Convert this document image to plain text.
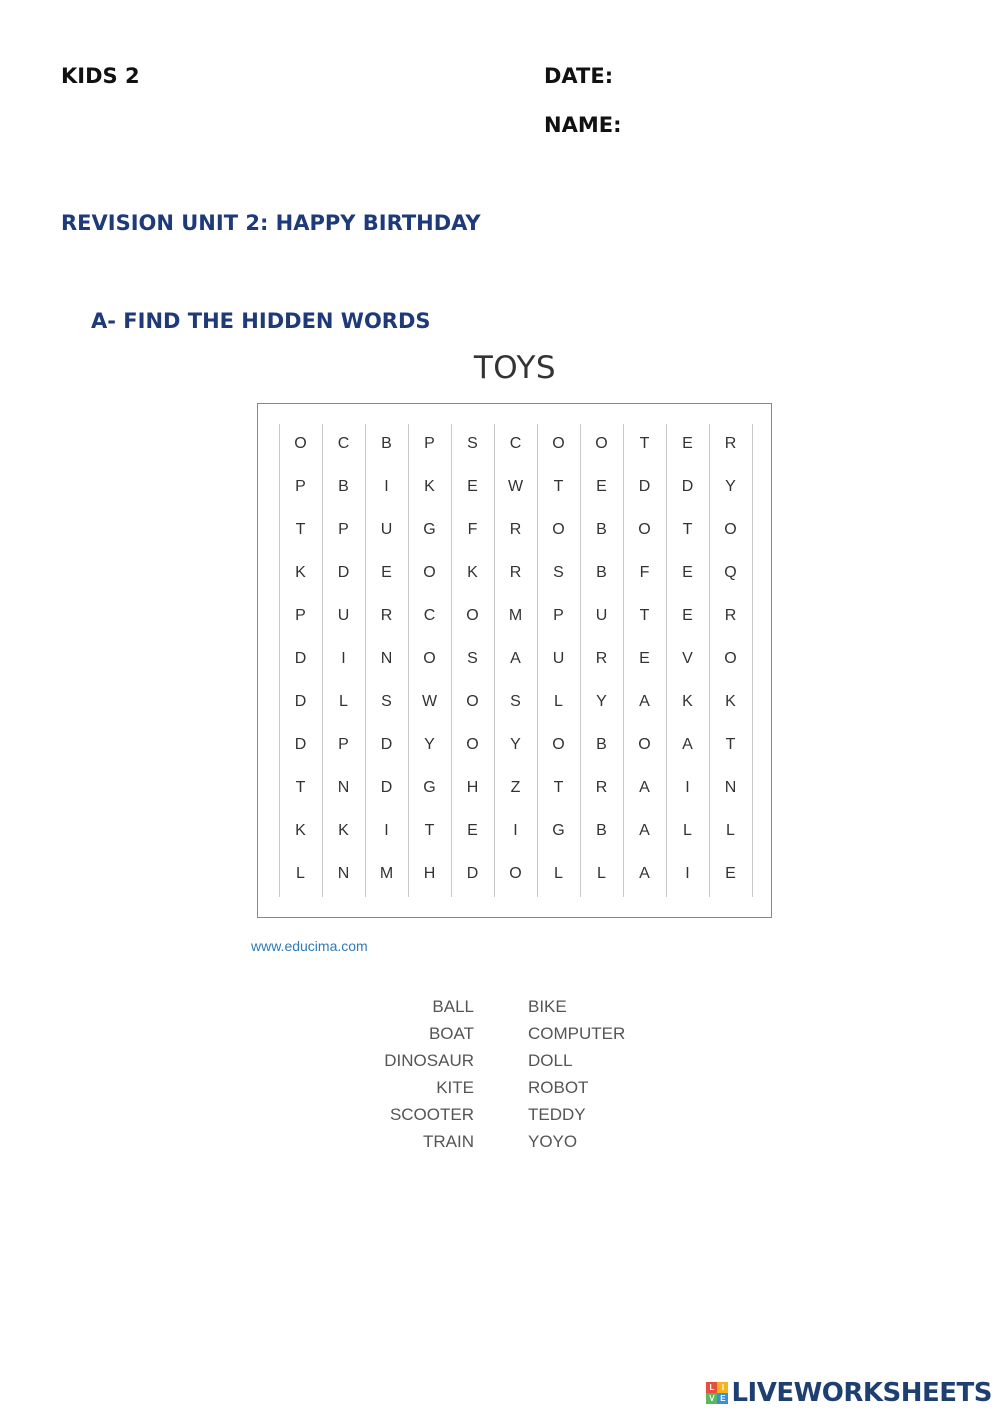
KIDS 2	DATE:
NAME:
REVISION UNIT 2: HAPPY BIRTHDAY
A- FIND THE HIDDEN WORDS
TOYS
O	C	B	P	S	C	O	O	T	E	R
P	B	I	K	E	W	T	E	D	D	Y
T	P	U	G	F	R	O	B	O	T	O
K	D	E	O	K	R	S	B	F	E	Q
P	U	R	C	O	M	P	U	T	E	R
D	I	N	O	S	A	U	R	E	V	O
D	L	S	W	O	S	L	Y	A	K	K
D	P	D	Y	O	Y	O	B	O	A	T
T	N	D	G	H	Z	T	R	A	I	N
K	K	I	T	E	I	G	B	A	L	L
L	N	M	H	D	O	L	L	A	I	E
www.educima.com
BALL
BOAT
DINOSAUR
KITE
SCOOTER
TRAIN
BIKE
COMPUTER
DOLL
ROBOT
TEDDY
YOYO
L I
V E LIVEWORKSHEETS
